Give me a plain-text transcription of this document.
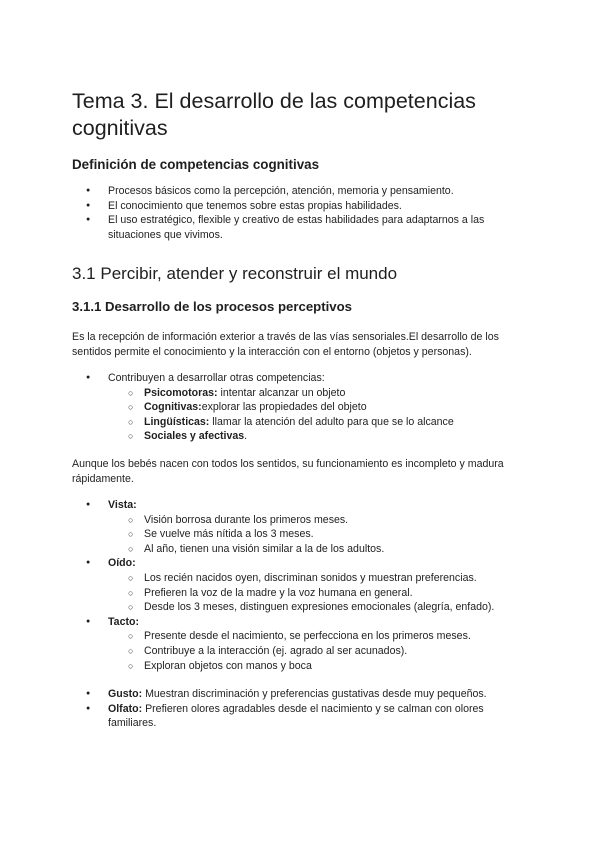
Tema 3. El desarrollo de las competencias cognitivas
Definición de competencias cognitivas
● Procesos básicos como la percepción, atención, memoria y pensamiento.
● El conocimiento que tenemos sobre estas propias habilidades.
● El uso estratégico, flexible y creativo de estas habilidades para adaptarnos a las situaciones que vivimos.
3.1 Percibir, atender y reconstruir el mundo
3.1.1 Desarrollo de los procesos perceptivos

Es la recepción de información exterior a través de las vías sensoriales.El desarrollo de los sentidos permite el conocimiento y la interacción con el entorno (objetos y personas).

● Contribuyen a desarrollar otras competencias:
○ Psicomotoras: intentar alcanzar un objeto
○ Cognitivas:explorar las propiedades del objeto
○ Lingüísticas: llamar la atención del adulto para que se lo alcance
○ Sociales y afectivas.

Aunque los bebés nacen con todos los sentidos, su funcionamiento es incompleto y madura rápidamente.

● Vista:
○ Visión borrosa durante los primeros meses.
○ Se vuelve más nítida a los 3 meses.
○ Al año, tienen una visión similar a la de los adultos.
● Oído:
○ Los recién nacidos oyen, discriminan sonidos y muestran preferencias.
○ Prefieren la voz de la madre y la voz humana en general.
○ Desde los 3 meses, distinguen expresiones emocionales (alegría, enfado).
● Tacto:
○ Presente desde el nacimiento, se perfecciona en los primeros meses.
○ Contribuye a la interacción (ej. agrado al ser acunados).
○ Exploran objetos con manos y boca
● Gusto: Muestran discriminación y preferencias gustativas desde muy pequeños.
● Olfato: Prefieren olores agradables desde el nacimiento y se calman con olores familiares.
